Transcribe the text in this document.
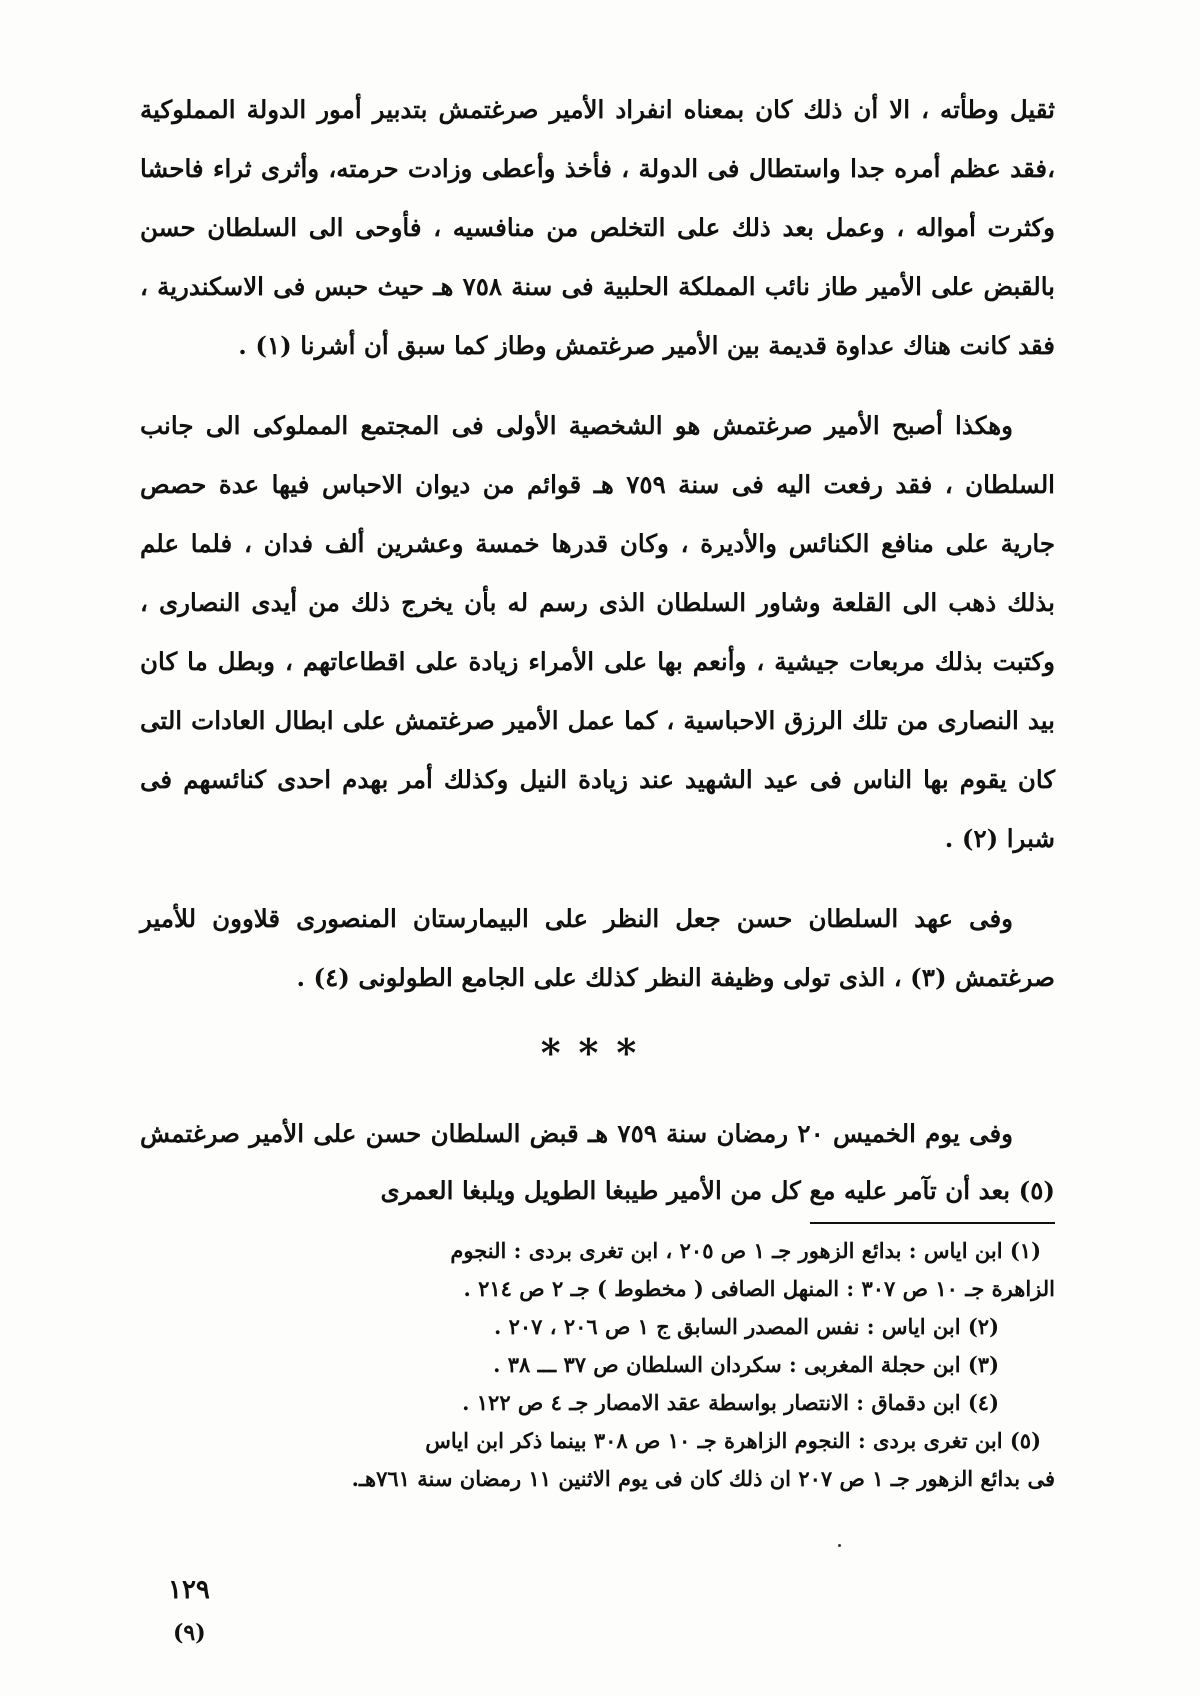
ثقيل وطأته ، الا أن ذلك كان بمعناه انفراد الأمير صرغتمش بتدبير أمور الدولة المملوكية ،فقد عظم أمره جدا واستطال فى الدولة ، فأخذ وأعطى وزادت حرمته، وأثرى ثراء فاحشا وكثرت أمواله ، وعمل بعد ذلك على التخلص من منافسيه ، فأوحى الى السلطان حسن بالقبض على الأمير طاز نائب المملكة الحلبية فى سنة ٧٥٨ هـ حيث حبس فى الاسكندرية ، فقد كانت هناك عداوة قديمة بين الأمير صرغتمش وطاز كما سبق أن أشرنا (١) .

وهكذا أصبح الأمير صرغتمش هو الشخصية الأولى فى المجتمع المملوكى الى جانب السلطان ، فقد رفعت اليه فى سنة ٧٥٩ هـ قوائم من ديوان الاحباس فيها عدة حصص جارية على منافع الكنائس والأديرة ، وكان قدرها خمسة وعشرين ألف فدان ، فلما علم بذلك ذهب الى القلعة وشاور السلطان الذى رسم له بأن يخرج ذلك من أيدى النصارى ، وكتبت بذلك مربعات جيشية ، وأنعم بها على الأمراء زيادة على اقطاعاتهم ، وبطل ما كان بيد النصارى من تلك الرزق الاحباسية ، كما عمل الأمير صرغتمش على ابطال العادات التى كان يقوم بها الناس فى عيد الشهيد عند زيادة النيل وكذلك أمر بهدم احدى كنائسهم فى شبرا (٢) .

وفى عهد السلطان حسن جعل النظر على البيمارستان المنصورى قلاوون للأمير صرغتمش (٣) ، الذى تولى وظيفة النظر كذلك على الجامع الطولونى (٤) .

***
وفى يوم الخميس ٢٠ رمضان سنة ٧٥٩ هـ قبض السلطان حسن على الأمير صرغتمش (٥) بعد أن تآمر عليه مع كل من الأمير طيبغا الطويل ويلبغا العمرى

(١) ابن اياس : بدائع الزهور جـ ١ ص ٢٠٥ ، ابن تغرى بردى : النجوم

الزاهرة جـ ١٠ ص ٣٠٧ : المنهل الصافى ( مخطوط ) جـ ٢ ص ٢١٤ .

(٢) ابن اياس : نفس المصدر السابق ج ١ ص ٢٠٦ ، ٢٠٧ .

(٣) ابن حجلة المغربى : سكردان السلطان ص ٣٧ ـــ ٣٨ .

(٤) ابن دقماق : الانتصار بواسطة عقد الامصار جـ ٤ ص ١٢٢ .

(٥) ابن تغرى بردى : النجوم الزاهرة جـ ١٠ ص ٣٠٨ بينما ذكر ابن اياس

فى بدائع الزهور جـ ١ ص ٢٠٧ ان ذلك كان فى يوم الاثنين ١١ رمضان سنة ٧٦١هـ.

١٢٩
(٩)
